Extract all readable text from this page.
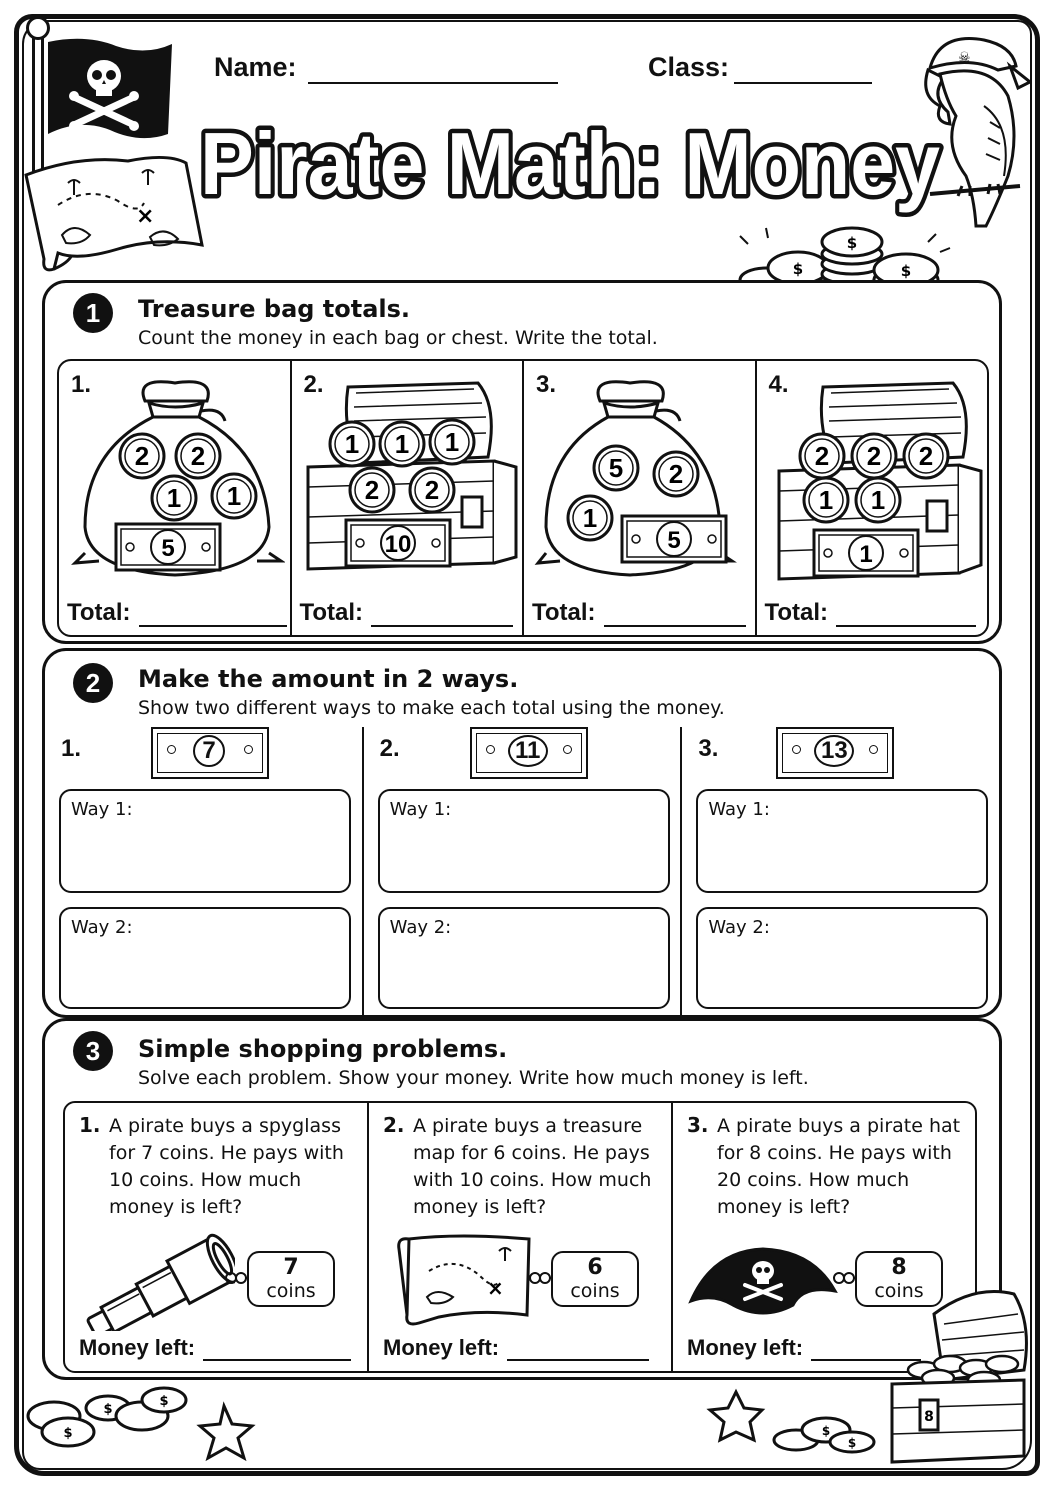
×
Name:	Class:
Pirate Math: Money
☠
$
$
$
1	Treasure bag totals.
Count the money in each bag or chest. Write the total.
1.
Total:
2.
Total:
3.
Total:
4.
Total:
2 2
1 1
5
1 1 1
2 2
10
5 2
1
5
2 2 2
1 1
1
2	Make the amount in 2 ways.
Show two different ways to make each total using the money.
1.	7
Way 1:
Way 2:
2.	11
Way 1:
Way 2:
3.	13
Way 1:
Way 2:
3	Simple shopping problems.
Solve each problem. Show your money. Write how much money is left.
1. A pirate buys a spyglass for 7 coins. He pays with 10 coins. How much money is left?

7
coins
Money left:
2. A pirate buys a treasure map for 6 coins. He pays with 10 coins. How much money is left?

×
6
coins
Money left:
3. A pirate buys a pirate hat for 8 coins. He pays with 20 coins. How much money is left?

8
coins
Money left:
$
$
$
$
$
8
